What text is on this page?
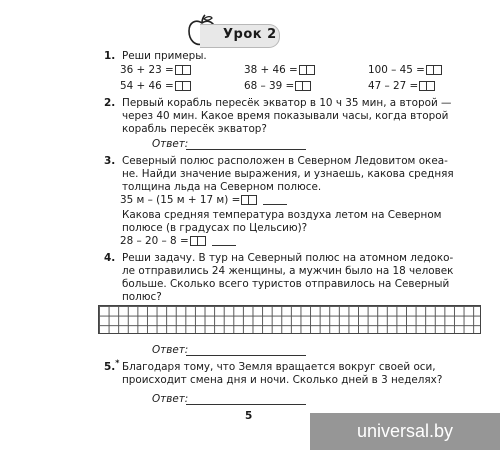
Урок 2
1. Реши примеры.
36 + 23 =	38 + 46 =	100 – 45 =
54 + 46 =	68 – 39 =	47 – 27 =
2. Первый корабль пересёк экватор в 10 ч 35 мин, а второй —
через 40 мин. Какое время показывали часы, когда второй
корабль пересёк экватор?
Ответ:
3. Северный полюс расположен в Северном Ледовитом океа-
не. Найди значение выражения, и узнаешь, какова средняя
толщина льда на Северном полюсе.
35 м – (15 м + 17 м) =
Какова средняя температура воздуха летом на Северном
полюсе (в градусах по Цельсию)?
28 – 20 – 8 =
4. Реши задачу. В тур на Северный полюс на атомном ледоко-
ле отправились 24 женщины, а мужчин было на 18 человек
больше. Сколько всего туристов отправилось на Северный
полюс?
Ответ:
5.* Благодаря тому, что Земля вращается вокруг своей оси,
происходит смена дня и ночи. Сколько дней в 3 неделях?
Ответ:
5
universal.by
